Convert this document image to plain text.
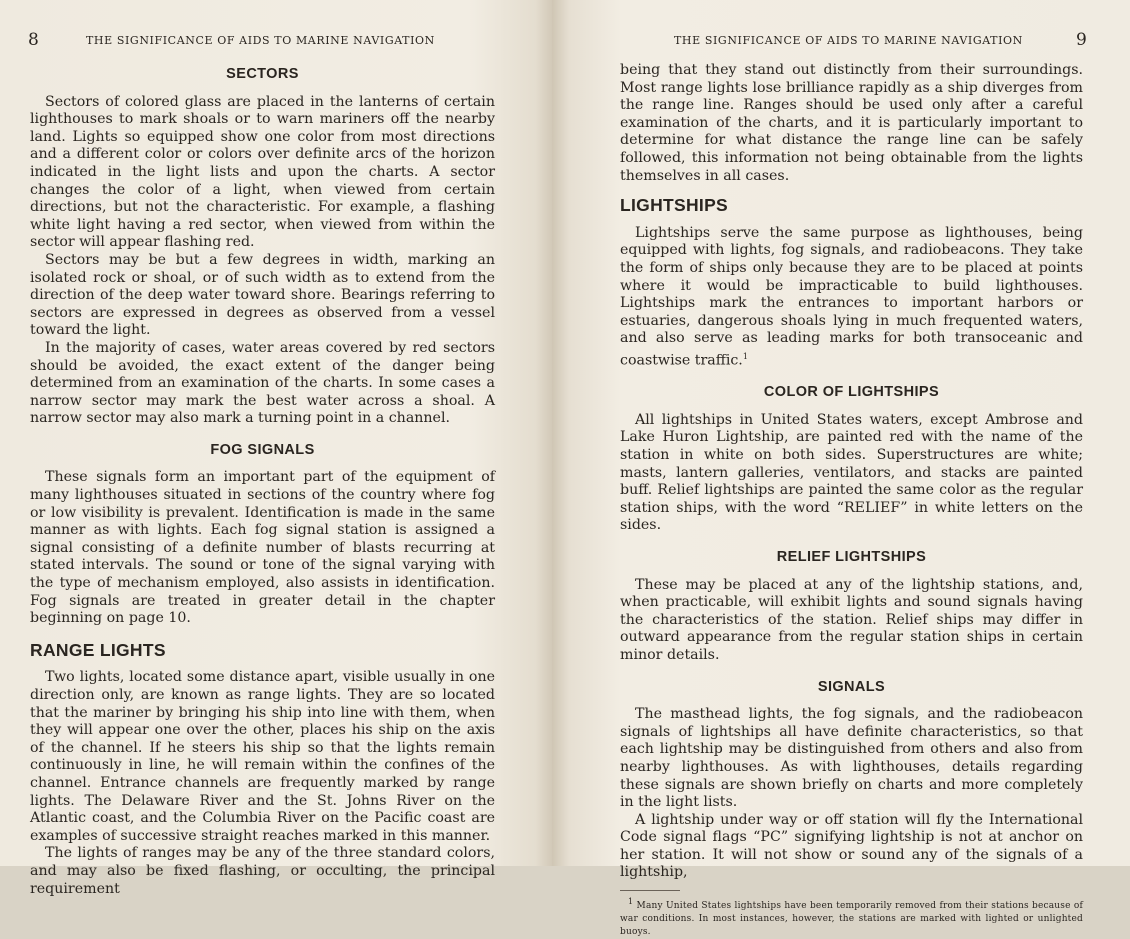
8	THE SIGNIFICANCE OF AIDS TO MARINE NAVIGATION
SECTORS

Sectors of colored glass are placed in the lanterns of certain lighthouses to mark shoals or to warn mariners off the nearby land. Lights so equipped show one color from most directions and a different color or colors over definite arcs of the horizon indicated in the light lists and upon the charts. A sector changes the color of a light, when viewed from certain directions, but not the characteristic. For example, a flashing white light having a red sector, when viewed from within the sector will appear flashing red.

Sectors may be but a few degrees in width, marking an isolated rock or shoal, or of such width as to extend from the direction of the deep water toward shore. Bearings referring to sectors are expressed in degrees as observed from a vessel toward the light.

In the majority of cases, water areas covered by red sectors should be avoided, the exact extent of the danger being determined from an examination of the charts. In some cases a narrow sector may mark the best water across a shoal. A narrow sector may also mark a turning point in a channel.

FOG SIGNALS

These signals form an important part of the equipment of many lighthouses situated in sections of the country where fog or low visibility is prevalent. Identification is made in the same manner as with lights. Each fog signal station is assigned a signal consisting of a definite number of blasts recurring at stated intervals. The sound or tone of the signal varying with the type of mechanism employed, also assists in identification. Fog signals are treated in greater detail in the chapter beginning on page 10.

RANGE LIGHTS

Two lights, located some distance apart, visible usually in one direction only, are known as range lights. They are so located that the mariner by bringing his ship into line with them, when they will appear one over the other, places his ship on the axis of the channel. If he steers his ship so that the lights remain continuously in line, he will remain within the confines of the channel. Entrance channels are frequently marked by range lights. The Delaware River and the St. Johns River on the Atlantic coast, and the Columbia River on the Pacific coast are examples of successive straight reaches marked in this manner.

The lights of ranges may be any of the three standard colors, and may also be fixed flashing, or occulting, the principal requirement

THE SIGNIFICANCE OF AIDS TO MARINE NAVIGATION	9

being that they stand out distinctly from their surroundings. Most range lights lose brilliance rapidly as a ship diverges from the range line. Ranges should be used only after a careful examination of the charts, and it is particularly important to determine for what distance the range line can be safely followed, this information not being obtainable from the lights themselves in all cases.

LIGHTSHIPS

Lightships serve the same purpose as lighthouses, being equipped with lights, fog signals, and radiobeacons. They take the form of ships only because they are to be placed at points where it would be impracticable to build lighthouses. Lightships mark the entrances to important harbors or estuaries, dangerous shoals lying in much frequented waters, and also serve as leading marks for both transoceanic and coastwise traffic.$^1$

COLOR OF LIGHTSHIPS

All lightships in United States waters, except Ambrose and Lake Huron Lightship, are painted red with the name of the station in white on both sides. Superstructures are white; masts, lantern galleries, ventilators, and stacks are painted buff. Relief lightships are painted the same color as the regular station ships, with the word “RELIEF” in white letters on the sides.

RELIEF LIGHTSHIPS

These may be placed at any of the lightship stations, and, when practicable, will exhibit lights and sound signals having the characteristics of the station. Relief ships may differ in outward appearance from the regular station ships in certain minor details.

SIGNALS

The masthead lights, the fog signals, and the radiobeacon signals of lightships all have definite characteristics, so that each lightship may be distinguished from others and also from nearby lighthouses. As with lighthouses, details regarding these signals are shown briefly on charts and more completely in the light lists.

A lightship under way or off station will fly the International Code signal flags “PC” signifying lightship is not at anchor on her station. It will not show or sound any of the signals of a lightship,

$^1$ Many United States lightships have been temporarily removed from their stations because of war conditions. In most instances, however, the stations are marked with lighted or unlighted buoys.
